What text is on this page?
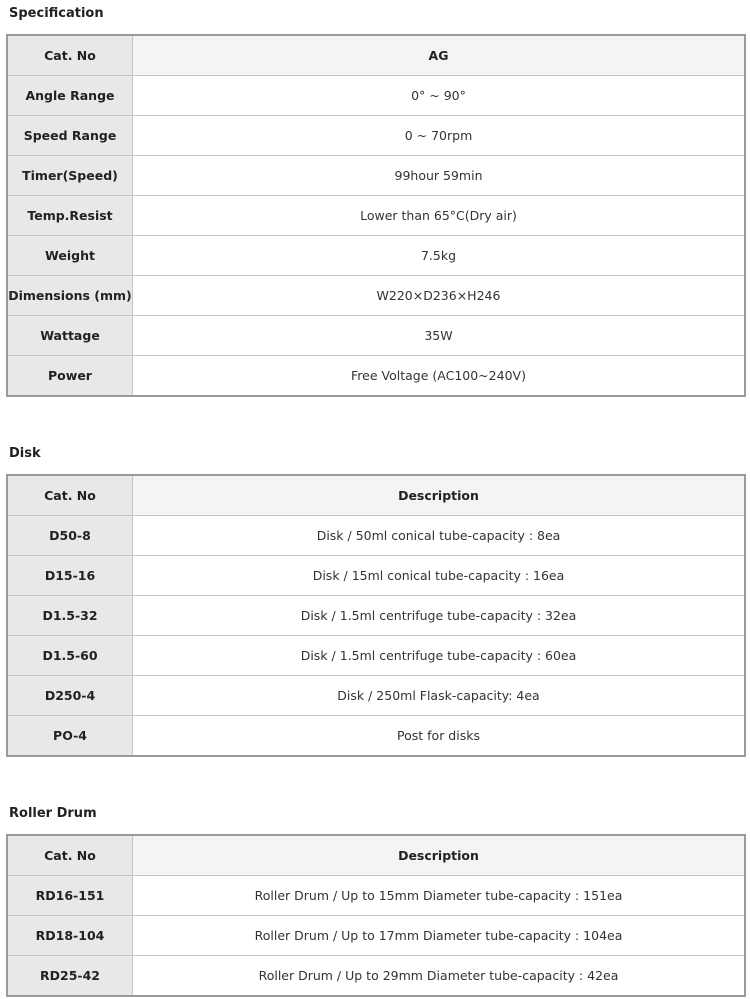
Specification
Cat. No	AG
Angle Range	0° ~ 90°
Speed Range	0 ~ 70rpm
Timer(Speed)	99hour 59min
Temp.Resist	Lower than 65°C(Dry air)
Weight	7.5kg
Dimensions (mm)	W220×D236×H246
Wattage	35W
Power	Free Voltage (AC100~240V)
Disk
Cat. No	Description
D50-8	Disk / 50ml conical tube-capacity : 8ea
D15-16	Disk / 15ml conical tube-capacity : 16ea
D1.5-32	Disk / 1.5ml centrifuge tube-capacity : 32ea
D1.5-60	Disk / 1.5ml centrifuge tube-capacity : 60ea
D250-4	Disk / 250ml Flask-capacity: 4ea
PO-4	Post for disks
Roller Drum
Cat. No	Description
RD16-151	Roller Drum / Up to 15mm Diameter tube-capacity : 151ea
RD18-104	Roller Drum / Up to 17mm Diameter tube-capacity : 104ea
RD25-42	Roller Drum / Up to 29mm Diameter tube-capacity : 42ea
